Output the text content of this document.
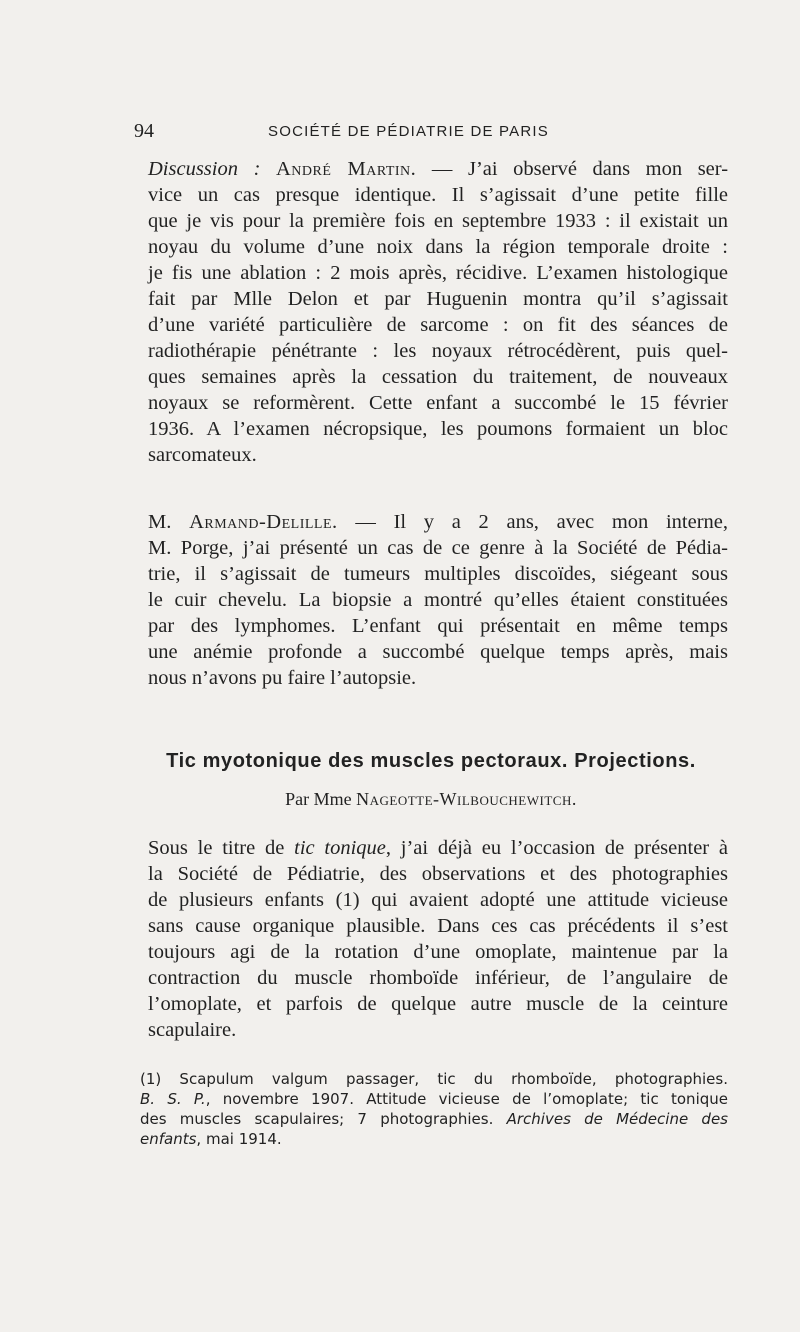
94	SOCIÉTÉ DE PÉDIATRIE DE PARIS

Discussion : André Martin. — J’ai observé dans mon ser-
vice un cas presque identique. Il s’agissait d’une petite fille
que je vis pour la première fois en septembre 1933 : il existait un
noyau du volume d’une noix dans la région temporale droite :
je fis une ablation : 2 mois après, récidive. L’examen histologique
fait par Mlle Delon et par Huguenin montra qu’il s’agissait
d’une variété particulière de sarcome : on fit des séances de
radiothérapie pénétrante : les noyaux rétrocédèrent, puis quel-
ques semaines après la cessation du traitement, de nouveaux
noyaux se reformèrent. Cette enfant a succombé le 15 février
1936. A l’examen nécropsique, les poumons formaient un bloc
sarcomateux.

M. Armand-Delille. — Il y a 2 ans, avec mon interne,
M. Porge, j’ai présenté un cas de ce genre à la Société de Pédia-
trie, il s’agissait de tumeurs multiples discoïdes, siégeant sous
le cuir chevelu. La biopsie a montré qu’elles étaient constituées
par des lymphomes. L’enfant qui présentait en même temps
une anémie profonde a succombé quelque temps après, mais
nous n’avons pu faire l’autopsie.

Tic myotonique des muscles pectoraux. Projections.
Par Mme Nageotte-Wilbouchewitch.

Sous le titre de tic tonique, j’ai déjà eu l’occasion de présenter à
la Société de Pédiatrie, des observations et des photographies
de plusieurs enfants (1) qui avaient adopté une attitude vicieuse
sans cause organique plausible. Dans ces cas précédents il s’est
toujours agi de la rotation d’une omoplate, maintenue par la
contraction du muscle rhomboïde inférieur, de l’angulaire de
l’omoplate, et parfois de quelque autre muscle de la ceinture
scapulaire.

(1) Scapulum valgum passager, tic du rhomboïde, photographies.
B. S. P., novembre 1907. Attitude vicieuse de l’omoplate; tic tonique
des muscles scapulaires; 7 photographies. Archives de Médecine des
enfants, mai 1914.
